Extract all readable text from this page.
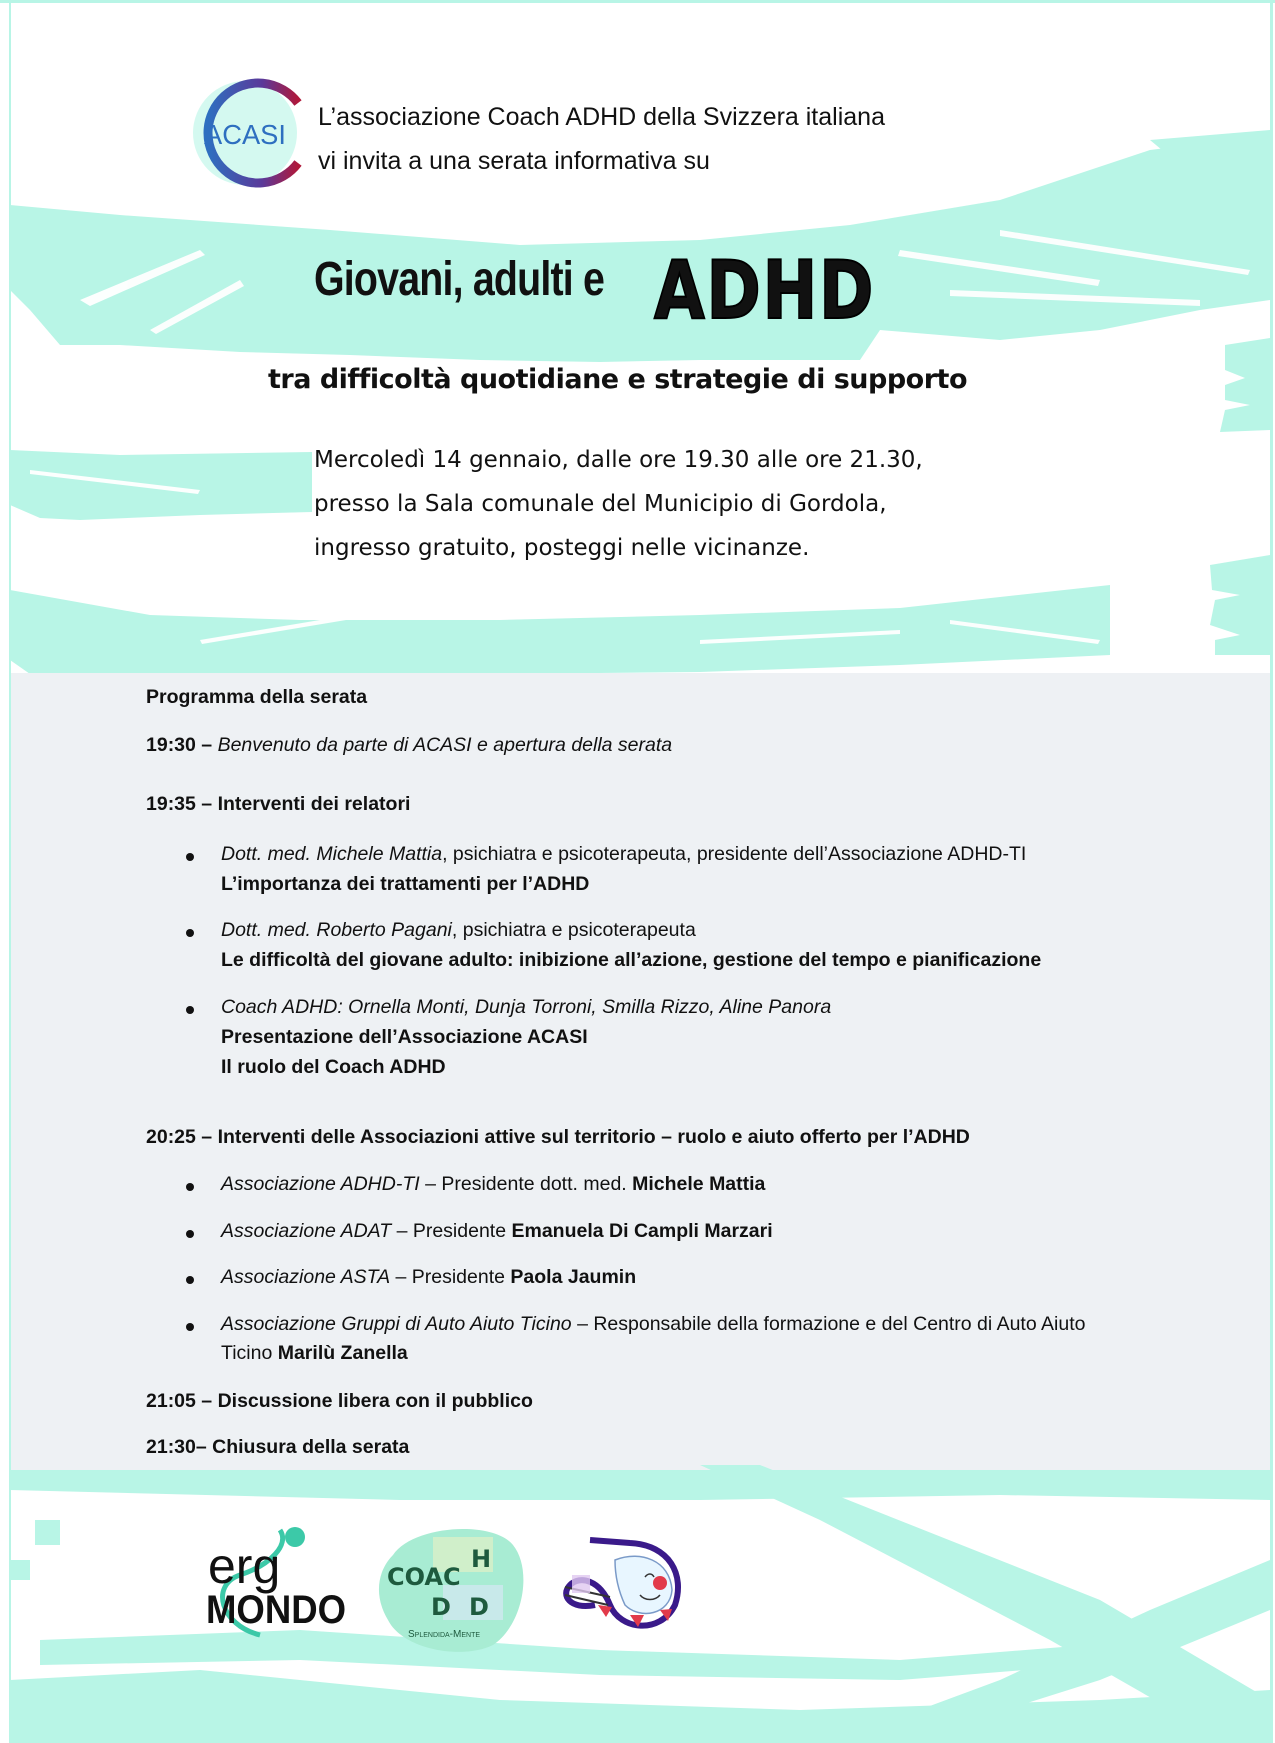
ACASI
L’associazione Coach ADHD della Svizzera italiana
vi invita a una serata informativa su
Giovani, adulti e ADHD
tra difficoltà quotidiane e strategie di supporto
Mercoledì 14 gennaio, dalle ore 19.30 alle ore 21.30,
presso la Sala comunale del Municipio di Gordola,
ingresso gratuito, posteggi nelle vicinanze.
Programma della serata
19:30 – Benvenuto da parte di ACASI e apertura della serata
19:35 – Interventi dei relatori
Dott. med. Michele Mattia, psichiatra e psicoterapeuta, presidente dell’Associazione ADHD-TI
L’importanza dei trattamenti per l’ADHD
Dott. med. Roberto Pagani, psichiatra e psicoterapeuta
Le difficoltà del giovane adulto: inibizione all’azione, gestione del tempo e pianificazione
Coach ADHD: Ornella Monti, Dunja Torroni, Smilla Rizzo, Aline Panora
Presentazione dell’Associazione ACASI
Il ruolo del Coach ADHD
20:25 – Interventi delle Associazioni attive sul territorio – ruolo e aiuto offerto per l’ADHD
Associazione ADHD-TI – Presidente dott. med. Michele Mattia
Associazione ADAT – Presidente Emanuela Di Campli Marzari
Associazione ASTA – Presidente Paola Jaumin
Associazione Gruppi di Auto Aiuto Ticino – Responsabile della formazione e del Centro di Auto Aiuto
Ticino Marilù Zanella
21:05 – Discussione libera con il pubblico
21:30– Chiusura della serata
erg
MONDO
COAC
H
D D
Splendida-Mente
